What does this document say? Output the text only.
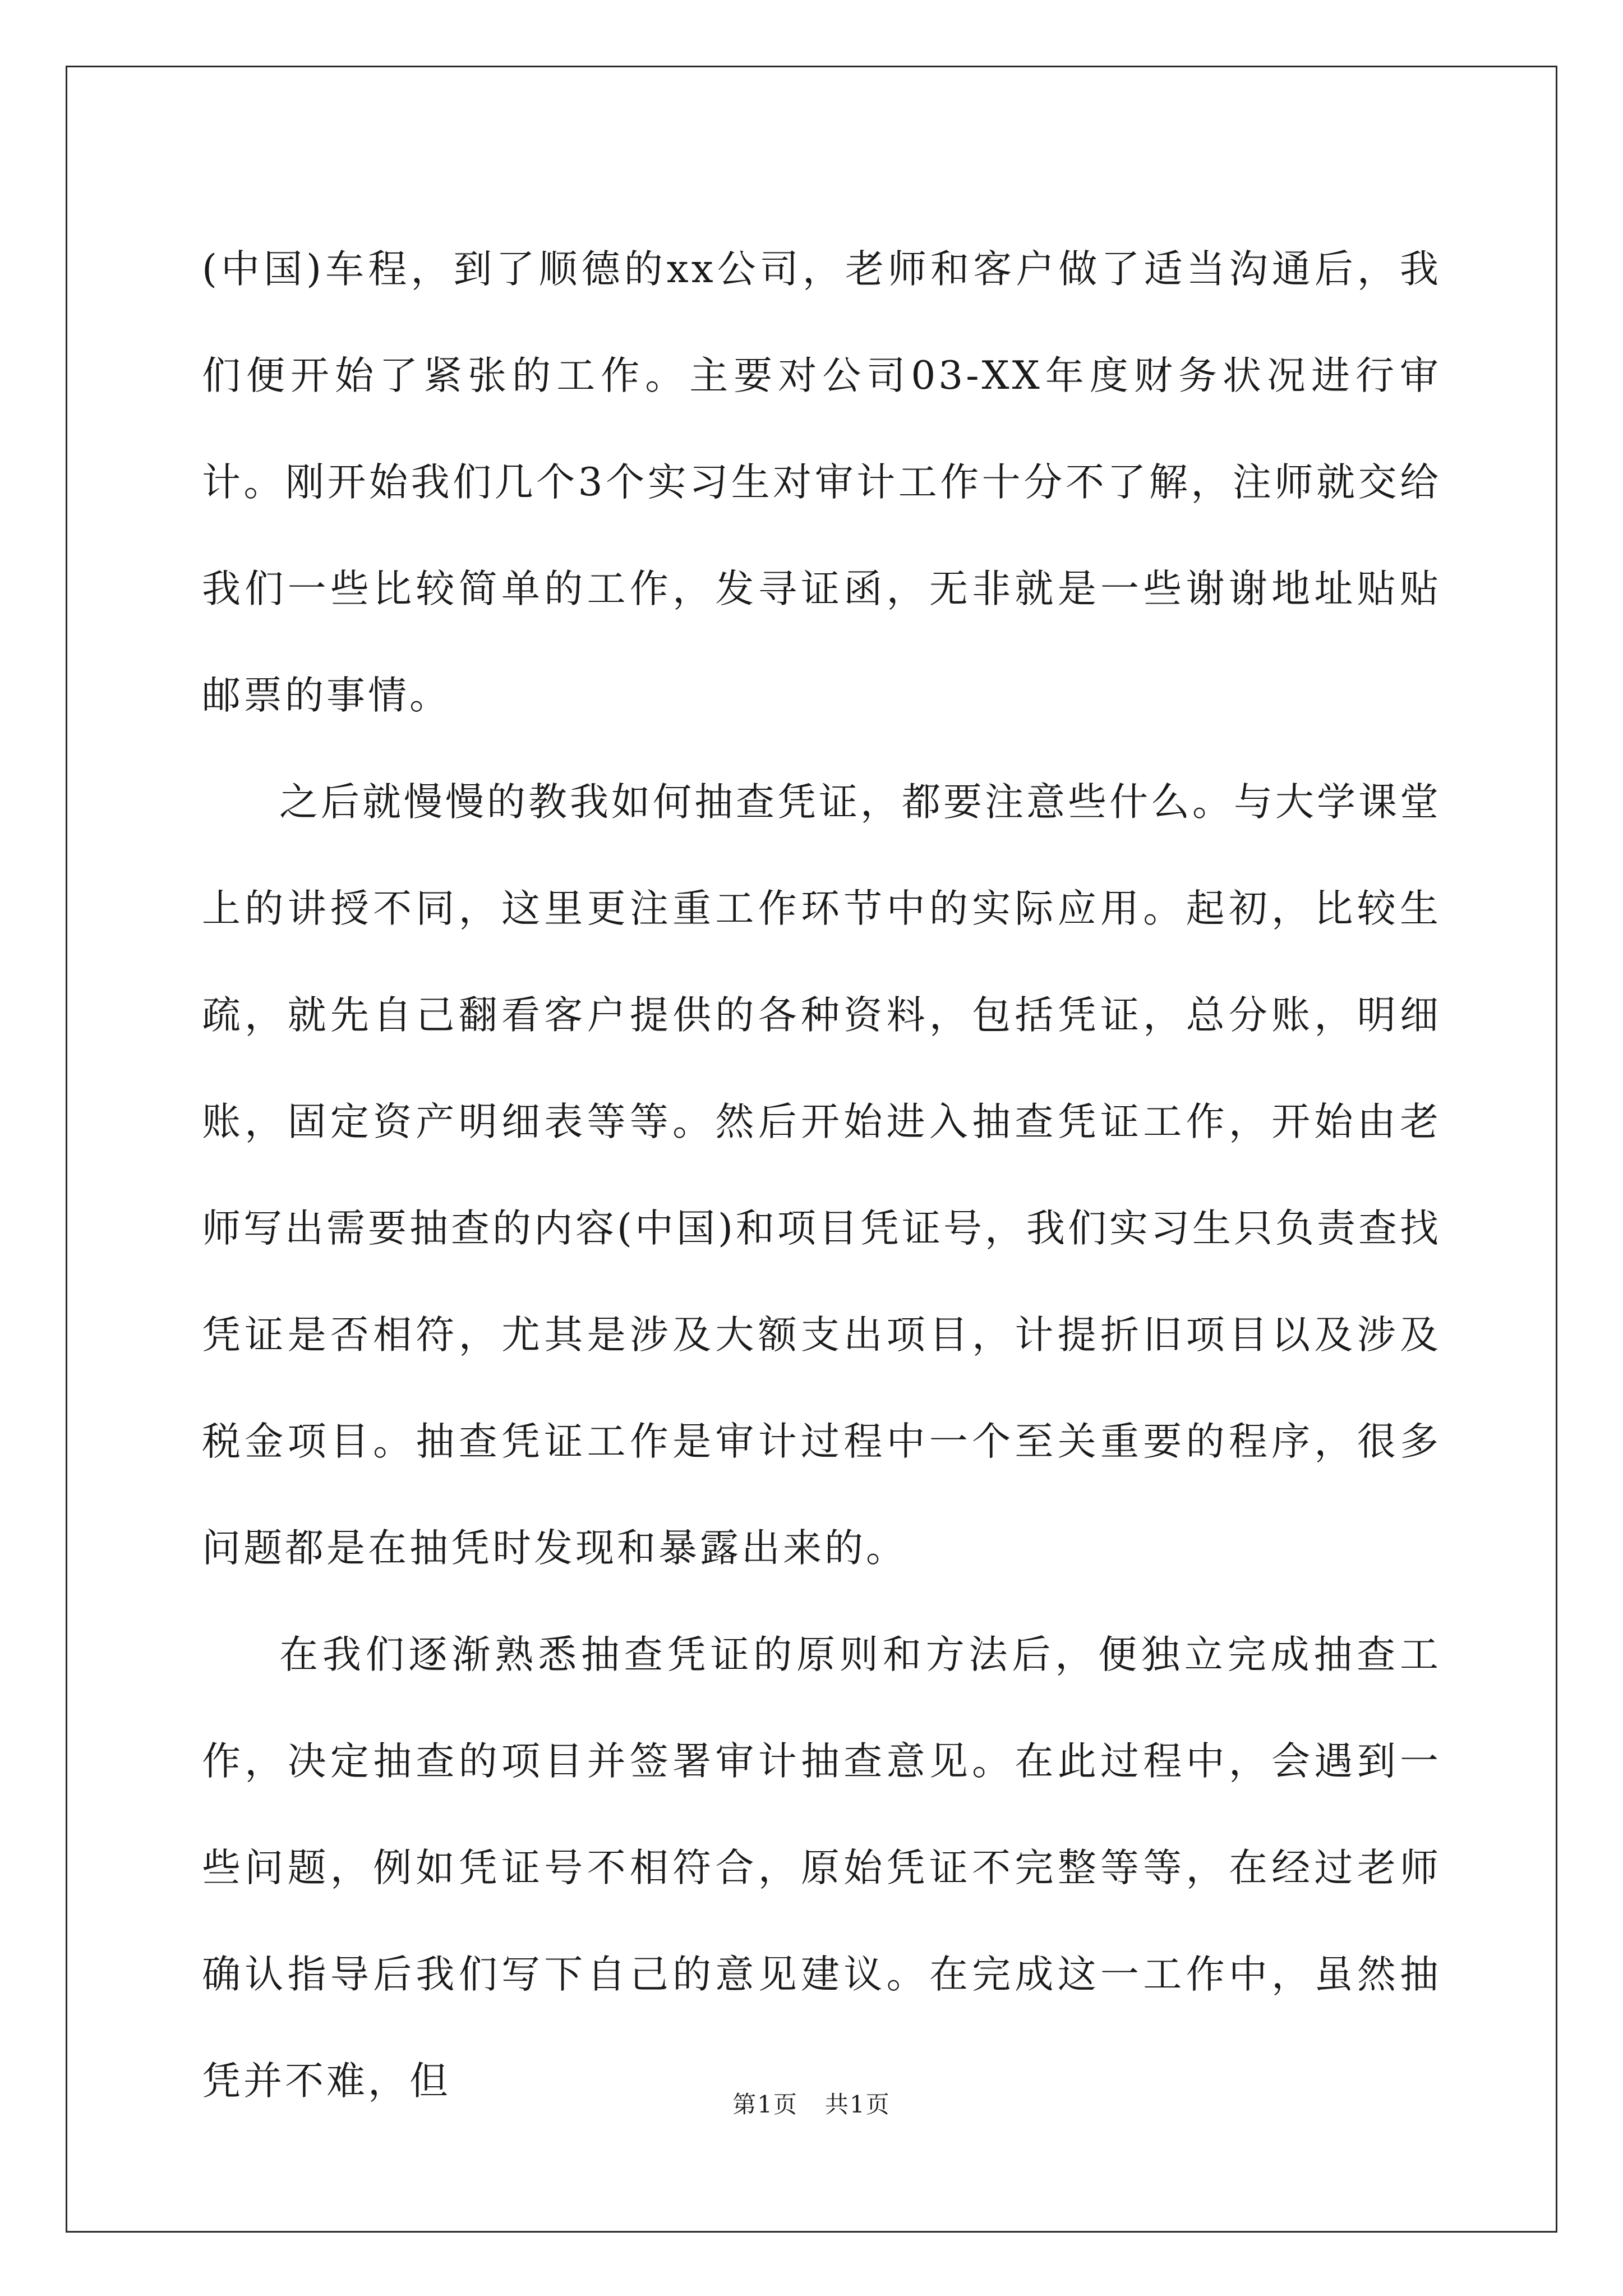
(中国)车程，到了顺德的xx公司，老师和客户做了适当沟通后，我们便开始了紧张的工作。主要对公司03-XX年度财务状况进行审计。刚开始我们几个3个实习生对审计工作十分不了解，注师就交给我们一些比较简单的工作，发寻证函，无非就是一些谢谢地址贴贴邮票的事情。

之后就慢慢的教我如何抽查凭证，都要注意些什么。与大学课堂上的讲授不同，这里更注重工作环节中的实际应用。起初，比较生疏，就先自己翻看客户提供的各种资料，包括凭证，总分账，明细账，固定资产明细表等等。然后开始进入抽查凭证工作，开始由老师写出需要抽查的内容(中国)和项目凭证号，我们实习生只负责查找凭证是否相符，尤其是涉及大额支出项目，计提折旧项目以及涉及税金项目。抽查凭证工作是审计过程中一个至关重要的程序，很多问题都是在抽凭时发现和暴露出来的。

在我们逐渐熟悉抽查凭证的原则和方法后，便独立完成抽查工作，决定抽查的项目并签署审计抽查意见。在此过程中，会遇到一些问题，例如凭证号不相符合，原始凭证不完整等等，在经过老师确认指导后我们写下自己的意见建议。在完成这一工作中，虽然抽凭并不难，但

第1页 共1页
